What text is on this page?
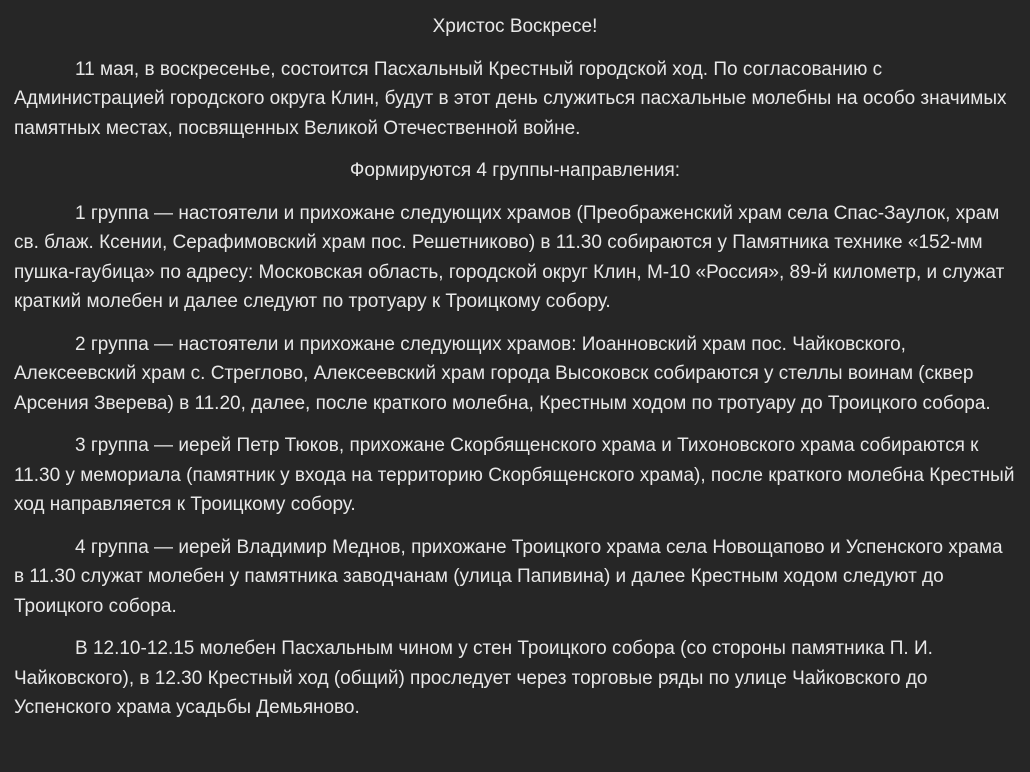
Христос Воскресе!

11 мая, в воскресенье, состоится Пасхальный Крестный городской ход. По согласованию с Администрацией городского округа Клин, будут в этот день служиться пасхальные молебны на особо значимых памятных местах, посвященных Великой Отечественной войне.

Формируются 4 группы-направления:

1 группа — настоятели и прихожане следующих храмов (Преображенский храм села Спас-Заулок, храм св. блаж. Ксении, Серафимовский храм пос. Решетниково) в 11.30 собираются у Памятника технике «152-мм пушка-гаубица» по адресу: Московская область, городской округ Клин, М-10 «Россия», 89-й километр, и служат краткий молебен и далее следуют по тротуару к Троицкому собору.

2 группа — настоятели и прихожане следующих храмов: Иоанновский храм пос. Чайковского, Алексеевский храм с. Стреглово, Алексеевский храм города Высоковск собираются у стеллы воинам (сквер Арсения Зверева) в 11.20, далее, после краткого молебна, Крестным ходом по тротуару до Троицкого собора.

3 группа — иерей Петр Тюков, прихожане Скорбященского храма и Тихоновского храма собираются к 11.30 у мемориала (памятник у входа на территорию Скорбященского храма), после краткого молебна Крестный ход направляется к Троицкому собору.

4 группа — иерей Владимир Меднов, прихожане Троицкого храма села Новощапово и Успенского храма в 11.30 служат молебен у памятника заводчанам (улица Папивина) и далее Крестным ходом следуют до Троицкого собора.

В 12.10-12.15 молебен Пасхальным чином у стен Троицкого собора (со стороны памятника П. И. Чайковского), в 12.30 Крестный ход (общий) проследует через торговые ряды по улице Чайковского до Успенского храма усадьбы Демьяново.
